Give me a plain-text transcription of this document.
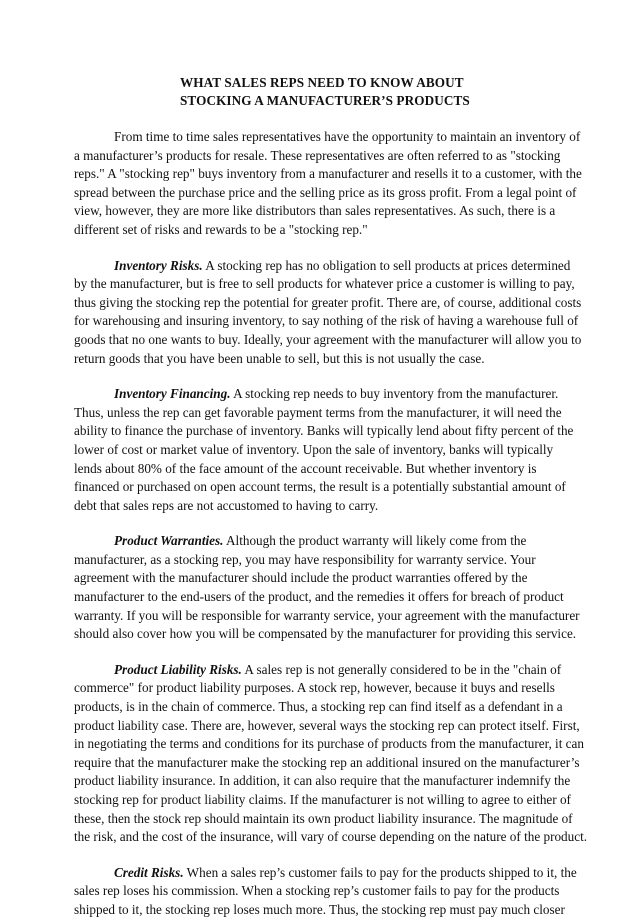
WHAT SALES REPS NEED TO KNOW ABOUT
STOCKING A MANUFACTURER’S PRODUCTS
From time to time sales representatives have the opportunity to maintain an inventory of
a manufacturer’s products for resale. These representatives are often referred to as "stocking
reps." A "stocking rep" buys inventory from a manufacturer and resells it to a customer, with the
spread between the purchase price and the selling price as its gross profit. From a legal point of
view, however, they are more like distributors than sales representatives. As such, there is a
different set of risks and rewards to be a "stocking rep."
Inventory Risks. A stocking rep has no obligation to sell products at prices determined
by the manufacturer, but is free to sell products for whatever price a customer is willing to pay,
thus giving the stocking rep the potential for greater profit. There are, of course, additional costs
for warehousing and insuring inventory, to say nothing of the risk of having a warehouse full of
goods that no one wants to buy. Ideally, your agreement with the manufacturer will allow you to
return goods that you have been unable to sell, but this is not usually the case.
Inventory Financing. A stocking rep needs to buy inventory from the manufacturer.
Thus, unless the rep can get favorable payment terms from the manufacturer, it will need the
ability to finance the purchase of inventory. Banks will typically lend about fifty percent of the
lower of cost or market value of inventory. Upon the sale of inventory, banks will typically
lends about 80% of the face amount of the account receivable. But whether inventory is
financed or purchased on open account terms, the result is a potentially substantial amount of
debt that sales reps are not accustomed to having to carry.
Product Warranties. Although the product warranty will likely come from the
manufacturer, as a stocking rep, you may have responsibility for warranty service. Your
agreement with the manufacturer should include the product warranties offered by the
manufacturer to the end-users of the product, and the remedies it offers for breach of product
warranty. If you will be responsible for warranty service, your agreement with the manufacturer
should also cover how you will be compensated by the manufacturer for providing this service.
Product Liability Risks. A sales rep is not generally considered to be in the "chain of
commerce" for product liability purposes. A stock rep, however, because it buys and resells
products, is in the chain of commerce. Thus, a stocking rep can find itself as a defendant in a
product liability case. There are, however, several ways the stocking rep can protect itself. First,
in negotiating the terms and conditions for its purchase of products from the manufacturer, it can
require that the manufacturer make the stocking rep an additional insured on the manufacturer’s
product liability insurance. In addition, it can also require that the manufacturer indemnify the
stocking rep for product liability claims. If the manufacturer is not willing to agree to either of
these, then the stock rep should maintain its own product liability insurance. The magnitude of
the risk, and the cost of the insurance, will vary of course depending on the nature of the product.
Credit Risks. When a sales rep’s customer fails to pay for the products shipped to it, the
sales rep loses his commission. When a stocking rep’s customer fails to pay for the products
shipped to it, the stocking rep loses much more. Thus, the stocking rep must pay much closer
